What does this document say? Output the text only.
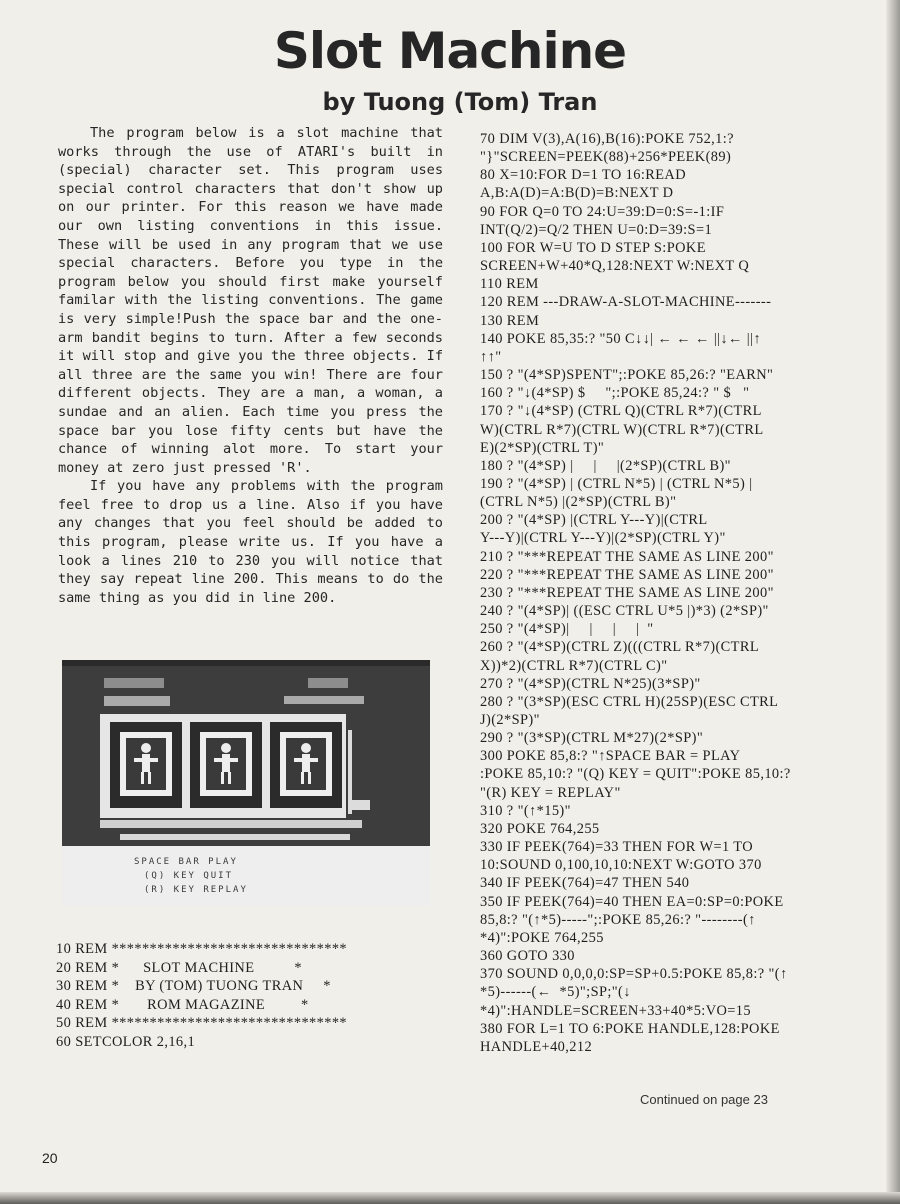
Slot Machine
by Tuong (Tom) Tran

The program below is a slot machine that works through the use of ATARI's built in (special) character set. This program uses special control characters that don't show up on our printer. For this reason we have made our own listing conventions in this issue. These will be used in any program that we use special characters. Before you type in the program below you should first make yourself familar with the listing conventions. The game is very simple!Push the space bar and the one-arm bandit begins to turn. After a few seconds it will stop and give you the three objects. If all three are the same you win! There are four different objects. They are a man, a woman, a sundae and an alien. Each time you press the space bar you lose fifty cents but have the chance of winning alot more. To start your money at zero just pressed 'R'.

If you have any problems with the program feel free to drop us a line. Also if you have any changes that you feel should be added to this program, please write us. If you have a look a lines 210 to 230 you will notice that they say repeat line 200. This means to do the same thing as you did in line 200.

SPACE BAR PLAY
(Q) KEY QUIT
(R) KEY REPLAY
10 REM *******************************
20 REM *      SLOT MACHINE          *
30 REM *    BY (TOM) TUONG TRAN     *
40 REM *       ROM MAGAZINE         *
50 REM *******************************
60 SETCOLOR 2,16,1
70 DIM V(3),A(16),B(16):POKE 752,1:?
"}"SCREEN=PEEK(88)+256*PEEK(89)
80 X=10:FOR D=1 TO 16:READ
A,B:A(D)=A:B(D)=B:NEXT D
90 FOR Q=0 TO 24:U=39:D=0:S=-1:IF
INT(Q/2)=Q/2 THEN U=0:D=39:S=1
100 FOR W=U TO D STEP S:POKE
SCREEN+W+40*Q,128:NEXT W:NEXT Q
110 REM
120 REM ---DRAW-A-SLOT-MACHINE-------
130 REM
140 POKE 85,35:? "50 C↓↓| ← ← ← ||↓← ||↑
↑↑"
150 ? "(4*SP)SPENT";:POKE 85,26:? "EARN"
160 ? "↓(4*SP) $     ";:POKE 85,24:? " $   "
170 ? "↓(4*SP) (CTRL Q)(CTRL R*7)(CTRL
W)(CTRL R*7)(CTRL W)(CTRL R*7)(CTRL
E)(2*SP)(CTRL T)"
180 ? "(4*SP) |     |     |(2*SP)(CTRL B)"
190 ? "(4*SP) | (CTRL N*5) | (CTRL N*5) |
(CTRL N*5) |(2*SP)(CTRL B)"
200 ? "(4*SP) |(CTRL Y---Y)|(CTRL
Y---Y)|(CTRL Y---Y)|(2*SP)(CTRL Y)"
210 ? "***REPEAT THE SAME AS LINE 200"
220 ? "***REPEAT THE SAME AS LINE 200"
230 ? "***REPEAT THE SAME AS LINE 200"
240 ? "(4*SP)| ((ESC CTRL U*5 |)*3) (2*SP)"
250 ? "(4*SP)|     |     |     |  "
260 ? "(4*SP)(CTRL Z)(((CTRL R*7)(CTRL
X))*2)(CTRL R*7)(CTRL C)"
270 ? "(4*SP)(CTRL N*25)(3*SP)"
280 ? "(3*SP)(ESC CTRL H)(25SP)(ESC CTRL
J)(2*SP)"
290 ? "(3*SP)(CTRL M*27)(2*SP)"
300 POKE 85,8:? "↑SPACE BAR = PLAY
:POKE 85,10:? "(Q) KEY = QUIT":POKE 85,10:?
"(R) KEY = REPLAY"
310 ? "(↑*15)"
320 POKE 764,255
330 IF PEEK(764)=33 THEN FOR W=1 TO
10:SOUND 0,100,10,10:NEXT W:GOTO 370
340 IF PEEK(764)=47 THEN 540
350 IF PEEK(764)=40 THEN EA=0:SP=0:POKE
85,8:? "(↑*5)-----";:POKE 85,26:? "--------(↑
*4)":POKE 764,255
360 GOTO 330
370 SOUND 0,0,0,0:SP=SP+0.5:POKE 85,8:? "(↑
*5)------(←  *5)";SP;"(↓
*4)":HANDLE=SCREEN+33+40*5:VO=15
380 FOR L=1 TO 6:POKE HANDLE,128:POKE
HANDLE+40,212
Continued on page 23
20
